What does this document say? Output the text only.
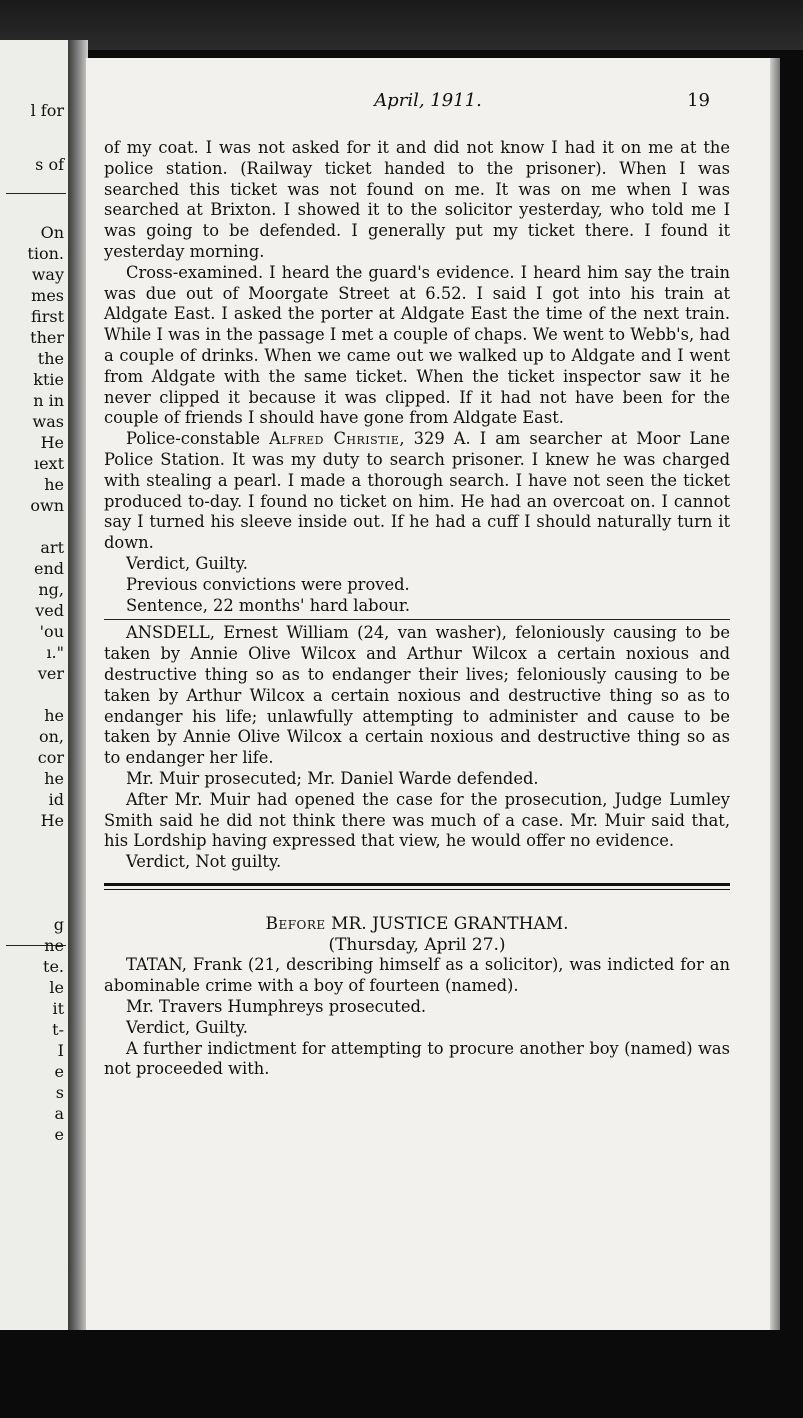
l for
s of
On
tion.
way
mes
first
ther
the
ktie
n in
was
He
ıext
he
own
art
end
ng,
ved
'ou
ı."
ver
he
on,
cor
he
id
He
g
ne
te.
le
it
t-
I
e
s
a
e
April, 1911.	19

of my coat. I was not asked for it and did not know I had it on me at the police station. (Railway ticket handed to the prisoner). When I was searched this ticket was not found on me. It was on me when I was searched at Brixton. I showed it to the solicitor yesterday, who told me I was going to be defended. I generally put my ticket there. I found it yesterday morning.

Cross-examined. I heard the guard's evidence. I heard him say the train was due out of Moorgate Street at 6.52. I said I got into his train at Aldgate East. I asked the porter at Aldgate East the time of the next train. While I was in the passage I met a couple of chaps. We went to Webb's, had a couple of drinks. When we came out we walked up to Aldgate and I went from Aldgate with the same ticket. When the ticket inspector saw it he never clipped it because it was clipped. If it had not have been for the couple of friends I should have gone from Aldgate East.

Police-constable Alfred Christie, 329 A. I am searcher at Moor Lane Police Station. It was my duty to search prisoner. I knew he was charged with stealing a pearl. I made a thorough search. I have not seen the ticket produced to-day. I found no ticket on him. He had an overcoat on. I cannot say I turned his sleeve inside out. If he had a cuff I should naturally turn it down.

Verdict, Guilty.

Previous convictions were proved.

Sentence, 22 months' hard labour.

ANSDELL, Ernest William (24, van washer), feloniously causing to be taken by Annie Olive Wilcox and Arthur Wilcox a certain noxious and destructive thing so as to endanger their lives; feloniously causing to be taken by Arthur Wilcox a certain noxious and destructive thing so as to endanger his life; unlawfully attempting to administer and cause to be taken by Annie Olive Wilcox a certain noxious and destructive thing so as to endanger her life.

Mr. Muir prosecuted; Mr. Daniel Warde defended.

After Mr. Muir had opened the case for the prosecution, Judge Lumley Smith said he did not think there was much of a case. Mr. Muir said that, his Lordship having expressed that view, he would offer no evidence.

Verdict, Not guilty.

Before MR. JUSTICE GRANTHAM.

(Thursday, April 27.)

TATAN, Frank (21, describing himself as a solicitor), was indicted for an abominable crime with a boy of fourteen (named).

Mr. Travers Humphreys prosecuted.

Verdict, Guilty.

A further indictment for attempting to procure another boy (named) was not proceeded with.
